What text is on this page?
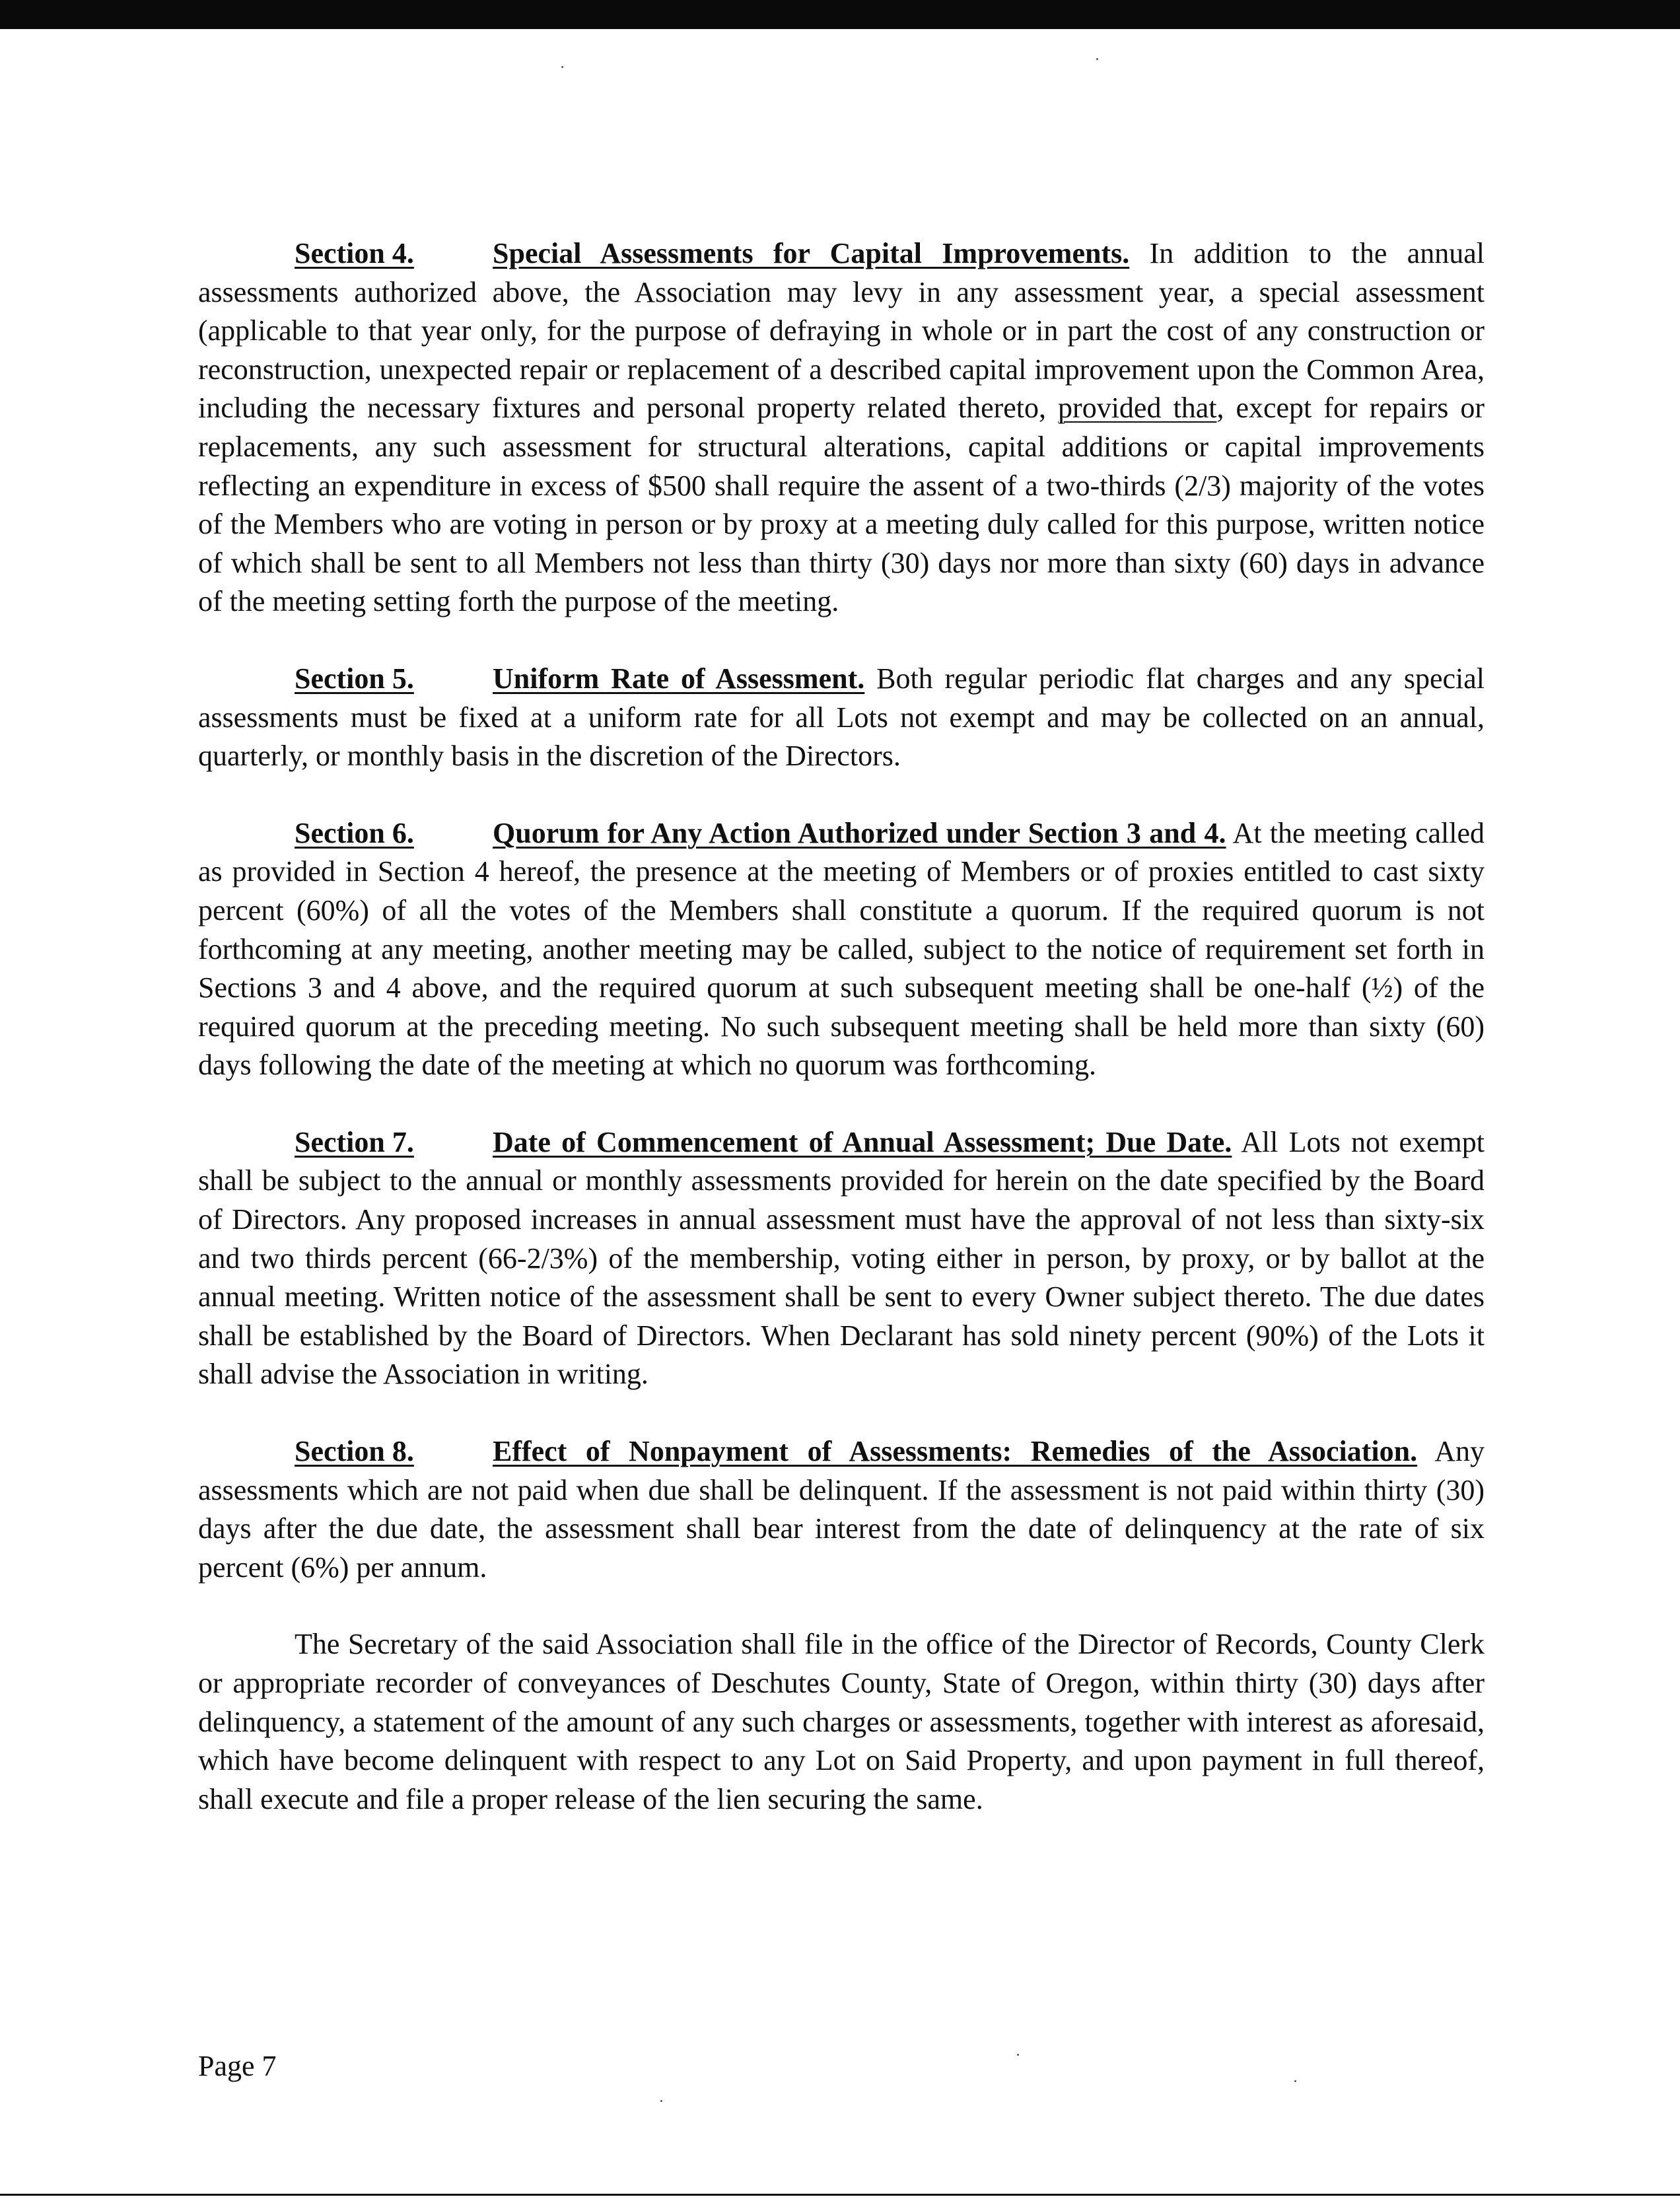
Section 4.	Special Assessments for Capital Improvements. In addition to the annual assessments authorized above, the Association may levy in any assessment year, a special assessment (applicable to that year only, for the purpose of defraying in whole or in part the cost of any construction or reconstruction, unexpected repair or replacement of a described capital improvement upon the Common Area, including the necessary fixtures and personal property related thereto, provided that, except for repairs or replacements, any such assessment for structural alterations, capital additions or capital improvements reflecting an expenditure in excess of $500 shall require the assent of a two-thirds (2/3) majority of the votes of the Members who are voting in person or by proxy at a meeting duly called for this purpose, written notice of which shall be sent to all Members not less than thirty (30) days nor more than sixty (60) days in advance of the meeting setting forth the purpose of the meeting.

Section 5.	Uniform Rate of Assessment. Both regular periodic flat charges and any special assessments must be fixed at a uniform rate for all Lots not exempt and may be collected on an annual, quarterly, or monthly basis in the discretion of the Directors.

Section 6.	Quorum for Any Action Authorized under Section 3 and 4. At the meeting called as provided in Section 4 hereof, the presence at the meeting of Members or of proxies entitled to cast sixty percent (60%) of all the votes of the Members shall constitute a quorum. If the required quorum is not forthcoming at any meeting, another meeting may be called, subject to the notice of requirement set forth in Sections 3 and 4 above, and the required quorum at such subsequent meeting shall be one-half (½) of the required quorum at the preceding meeting. No such subsequent meeting shall be held more than sixty (60) days following the date of the meeting at which no quorum was forthcoming.

Section 7.	Date of Commencement of Annual Assessment; Due Date. All Lots not exempt shall be subject to the annual or monthly assessments provided for herein on the date specified by the Board of Directors. Any proposed increases in annual assessment must have the approval of not less than sixty-six and two thirds percent (66-2/3%) of the membership, voting either in person, by proxy, or by ballot at the annual meeting. Written notice of the assessment shall be sent to every Owner subject thereto. The due dates shall be established by the Board of Directors. When Declarant has sold ninety percent (90%) of the Lots it shall advise the Association in writing.

Section 8.	Effect of Nonpayment of Assessments: Remedies of the Association. Any assessments which are not paid when due shall be delinquent. If the assessment is not paid within thirty (30) days after the due date, the assessment shall bear interest from the date of delinquency at the rate of six percent (6%) per annum.

The Secretary of the said Association shall file in the office of the Director of Records, County Clerk or appropriate recorder of conveyances of Deschutes County, State of Oregon, within thirty (30) days after delinquency, a statement of the amount of any such charges or assessments, together with interest as aforesaid, which have become delinquent with respect to any Lot on Said Property, and upon payment in full thereof, shall execute and file a proper release of the lien securing the same.

Page 7
